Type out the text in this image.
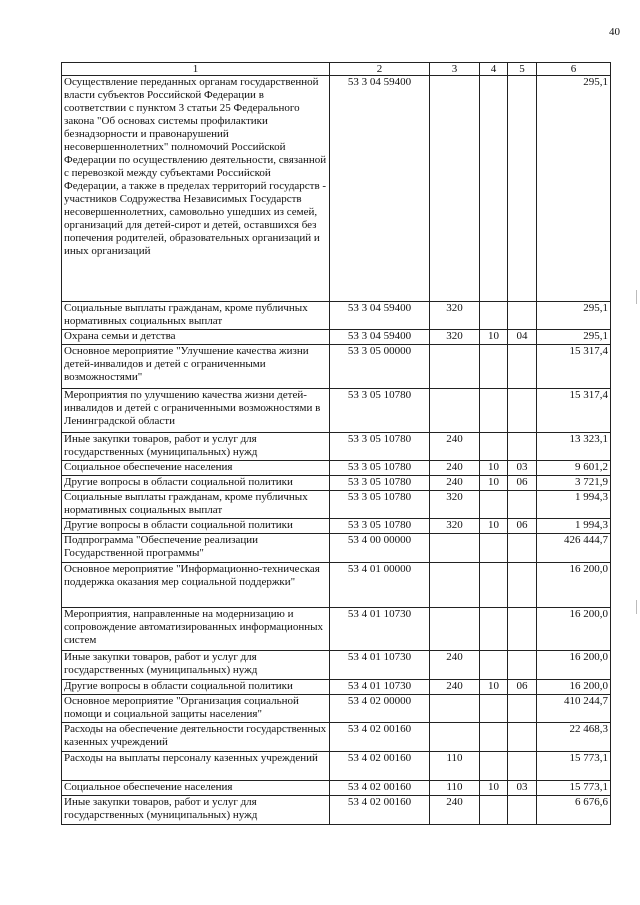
40
1	2	3	4	5	6
Осуществление переданных органам государственной власти субъектов Российской Федерации в соответствии с пунктом 3 статьи 25 Федерального закона "Об основах системы профилактики безнадзорности и правонарушений несовершеннолетних" полномочий Российской Федерации по осуществлению деятельности, связанной с перевозкой между субъектами Российской Федерации, а также в пределах территорий государств - участников Содружества Независимых Государств несовершеннолетних, самовольно ушедших из семей, организаций для детей-сирот и детей, оставшихся без попечения родителей, образовательных организаций и иных организаций	53 3 04 59400				295,1
Социальные выплаты гражданам, кроме публичных нормативных социальных выплат	53 3 04 59400	320			295,1
Охрана семьи и детства	53 3 04 59400	320	10	04	295,1
Основное мероприятие "Улучшение качества жизни детей-инвалидов и детей с ограниченными возможностями"	53 3 05 00000				15 317,4
Мероприятия по улучшению качества жизни детей-инвалидов и детей с ограниченными возможностями в Ленинградской области	53 3 05 10780				15 317,4
Иные закупки товаров, работ и услуг для государственных (муниципальных) нужд	53 3 05 10780	240			13 323,1
Социальное обеспечение населения	53 3 05 10780	240	10	03	9 601,2
Другие вопросы в области социальной политики	53 3 05 10780	240	10	06	3 721,9
Социальные выплаты гражданам, кроме публичных нормативных социальных выплат	53 3 05 10780	320			1 994,3
Другие вопросы в области социальной политики	53 3 05 10780	320	10	06	1 994,3
Подпрограмма "Обеспечение реализации Государственной программы"	53 4 00 00000				426 444,7
Основное мероприятие "Информационно-техническая поддержка оказания мер социальной поддержки"	53 4 01 00000				16 200,0
Мероприятия, направленные на модернизацию и сопровождение автоматизированных информационных систем	53 4 01 10730				16 200,0
Иные закупки товаров, работ и услуг для государственных (муниципальных) нужд	53 4 01 10730	240			16 200,0
Другие вопросы в области социальной политики	53 4 01 10730	240	10	06	16 200,0
Основное мероприятие "Организация социальной помощи и социальной защиты населения"	53 4 02 00000				410 244,7
Расходы на обеспечение деятельности государственных казенных учреждений	53 4 02 00160				22 468,3
Расходы на выплаты персоналу казенных учреждений	53 4 02 00160	110			15 773,1
Социальное обеспечение населения	53 4 02 00160	110	10	03	15 773,1
Иные закупки товаров, работ и услуг для государственных (муниципальных) нужд	53 4 02 00160	240			6 676,6
